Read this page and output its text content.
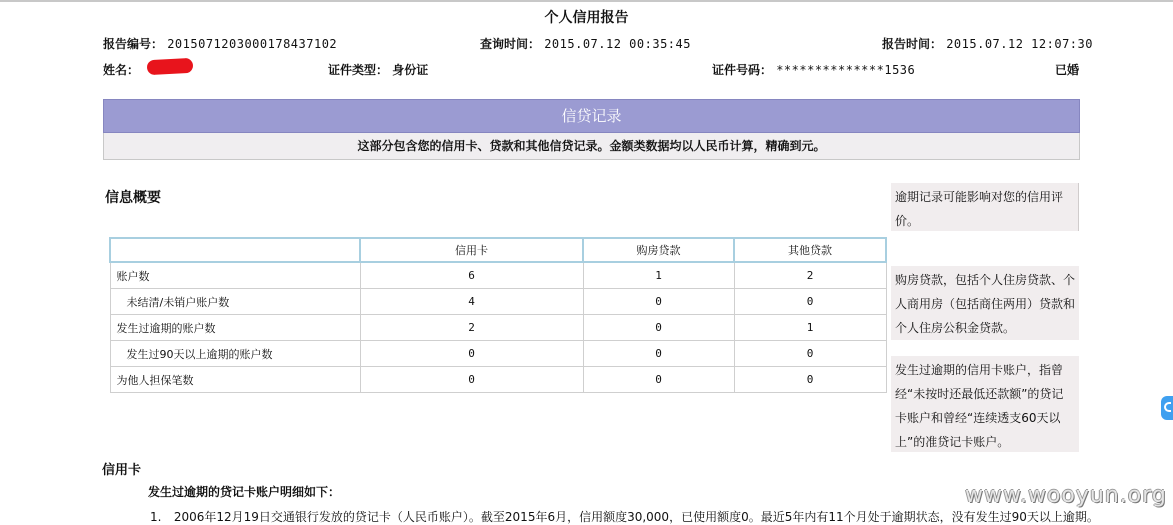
个人信用报告
报告编号： 2015071203000178437102	查询时间： 2015.07.12 00:35:45	报告时间： 2015.07.12 12:07:30
姓名：	证件类型： 身份证	证件号码： **************1536	已婚
信贷记录
这部分包含您的信用卡、贷款和其他信贷记录。金额类数据均以人民币计算，精确到元。
信息概要
	信用卡	购房贷款	其他贷款
账户数	6	1	2
未结清/未销户账户数	4	0	0
发生过逾期的账户数	2	0	1
发生过90天以上逾期的账户数	0	0	0
为他人担保笔数	0	0	0
逾期记录可能影响对您的信用评价。
购房贷款，包括个人住房贷款、个人商用房（包括商住两用）贷款和个人住房公积金贷款。
发生过逾期的信用卡账户，指曾经“未按时还最低还款额”的贷记卡账户和曾经“连续透支60天以上”的准贷记卡账户。
信用卡
发生过逾期的贷记卡账户明细如下：
1. 2006年12月19日交通银行发放的贷记卡（人民币账户）。截至2015年6月，信用额度30,000，已使用额度0。最近5年内有11个月处于逾期状态，没有发生过90天以上逾期。
www.wooyun.org
